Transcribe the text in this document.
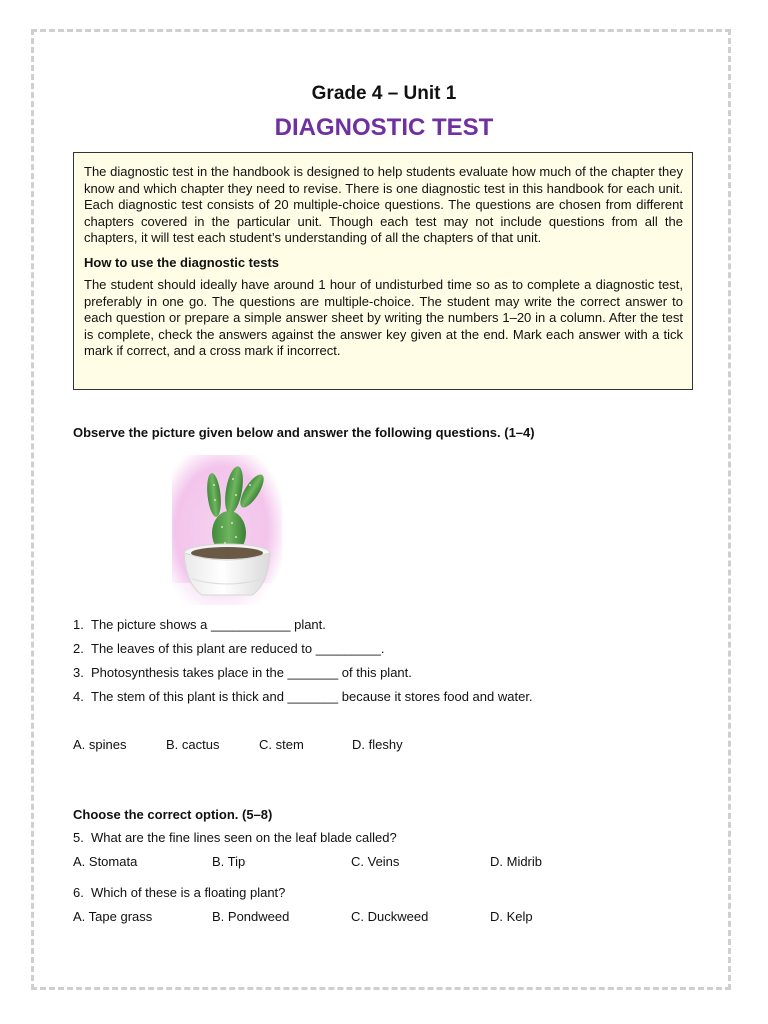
Grade 4 – Unit 1
DIAGNOSTIC TEST

The diagnostic test in the handbook is designed to help students evaluate how much of the chapter they know and which chapter they need to revise. There is one diagnostic test in this handbook for each unit. Each diagnostic test consists of 20 multiple-choice questions. The questions are chosen from different chapters covered in the particular unit. Though each test may not include questions from all the chapters, it will test each student’s understanding of all the chapters of that unit.

How to use the diagnostic tests

The student should ideally have around 1 hour of undisturbed time so as to complete a diagnostic test, preferably in one go. The questions are multiple-choice. The student may write the correct answer to each question or prepare a simple answer sheet by writing the numbers 1–20 in a column. After the test is complete, check the answers against the answer key given at the end. Mark each answer with a tick mark if correct, and a cross mark if incorrect.

Observe the picture given below and answer the following questions. (1–4)
1. The picture shows a ___________ plant.
2. The leaves of this plant are reduced to _________.
3. Photosynthesis takes place in the _______ of this plant.
4. The stem of this plant is thick and _______ because it stores food and water.
A. spines	B. cactus	C. stem	D. fleshy
Choose the correct option. (5–8)
5. What are the fine lines seen on the leaf blade called?
A. Stomata	B. Tip	C. Veins	D. Midrib
6. Which of these is a floating plant?
A. Tape grass	B. Pondweed	C. Duckweed	D. Kelp
